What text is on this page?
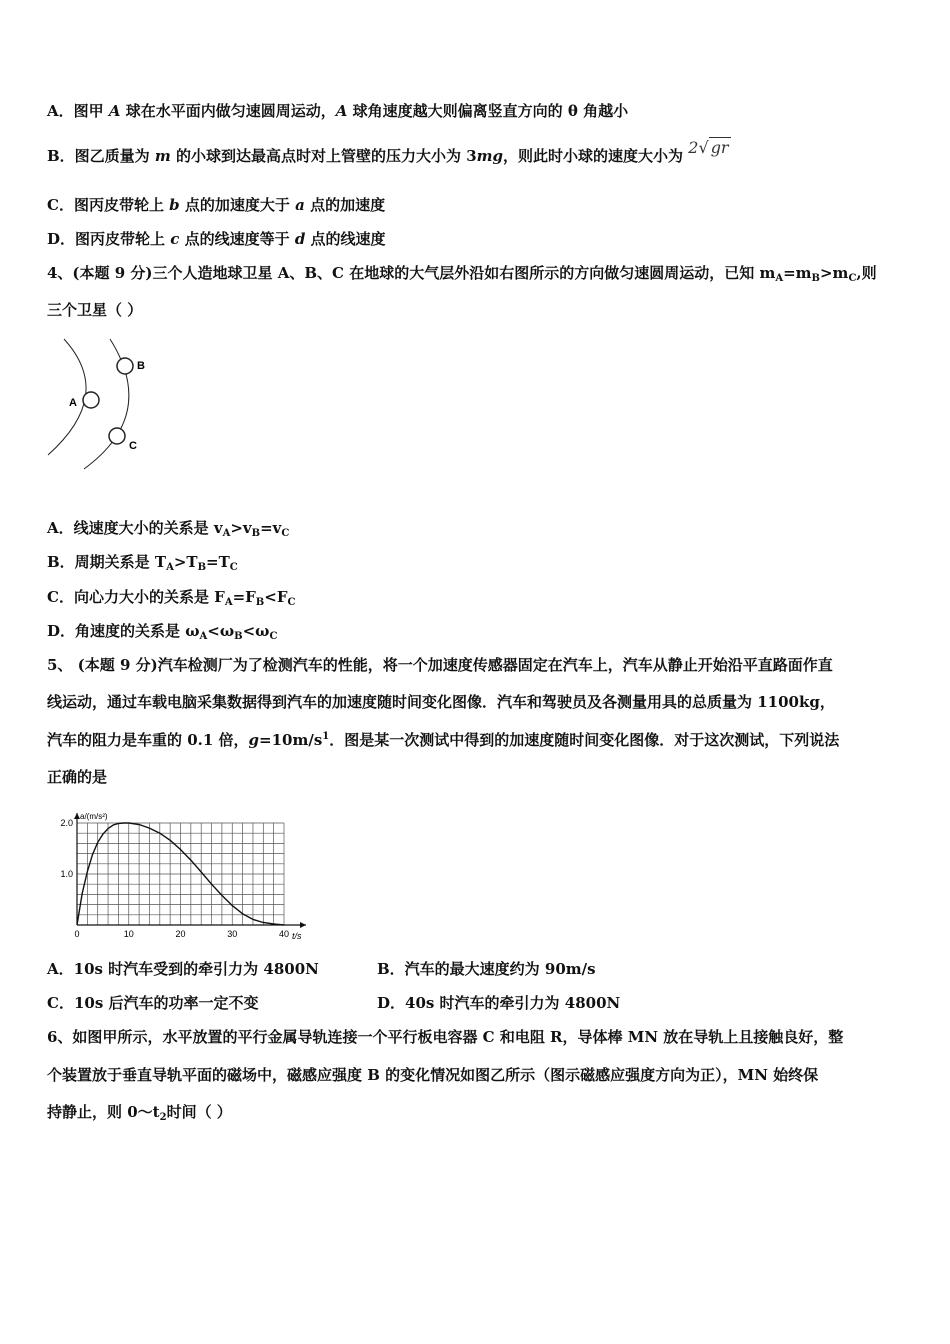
A．图甲 A 球在水平面内做匀速圆周运动，A 球角速度越大则偏离竖直方向的 θ 角越小
B．图乙质量为 m 的小球到达最高点时对上管壁的压力大小为 3mg，则此时小球的速度大小为 2√ gr
C．图丙皮带轮上 b 点的加速度大于 a 点的加速度
D．图丙皮带轮上 c 点的线速度等于 d 点的线速度
4、(本题 9 分)三个人造地球卫星 A、B、C 在地球的大气层外沿如右图所示的方向做匀速圆周运动，已知 $m_A=m_B>m_C$,则
三个卫星（ ）
A
B
C
A．线速度大小的关系是 $v_A>v_B=v_C$
B．周期关系是 $T_A>T_B=T_C$
C．向心力大小的关系是 $F_A=F_B<F_C$
D．角速度的关系是 $\omega_A<\omega_B<\omega_C$
5、 (本题 9 分)汽车检测厂为了检测汽车的性能，将一个加速度传感器固定在汽车上，汽车从静止开始沿平直路面作直
线运动，通过车载电脑采集数据得到汽车的加速度随时间变化图像．汽车和驾驶员及各测量用具的总质量为 1100kg，
汽车的阻力是车重的 0.1 倍，$g=10m/s^1$．图是某一次测试中得到的加速度随时间变化图像．对于这次测试，下列说法
正确的是
0	10	20	30	40
1.0
2.0
a/(m/s²)
t/s
A．10s 时汽车受到的牵引力为 4800N	B．汽车的最大速度约为 90m/s
C．10s 后汽车的功率一定不变	D．40s 时汽车的牵引力为 4800N
6、如图甲所示，水平放置的平行金属导轨连接一个平行板电容器 C 和电阻 R，导体棒 MN 放在导轨上且接触良好，整
个装置放于垂直导轨平面的磁场中，磁感应强度 B 的变化情况如图乙所示（图示磁感应强度方向为正），MN 始终保
持静止，则 $0\sim t_2$时间（ ）
